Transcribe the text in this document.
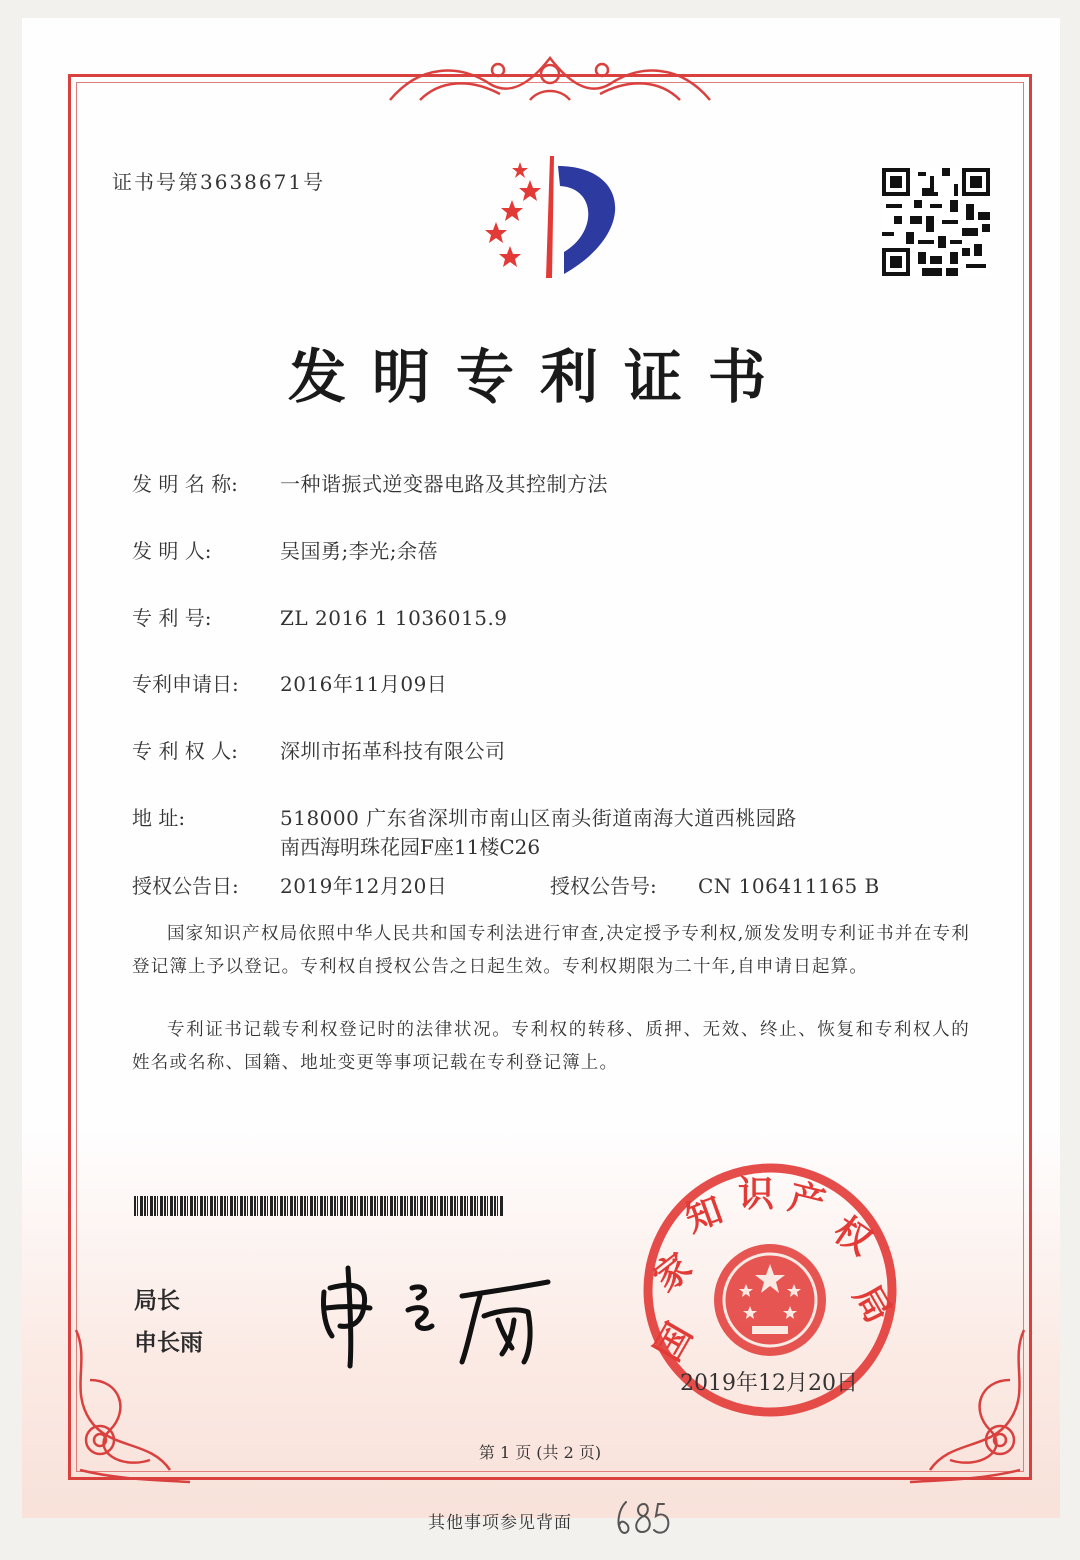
证书号第3638671号
发明专利证书
发 明 名 称: 一种谐振式逆变器电路及其控制方法
发 明 人:	吴国勇;李光;余蓓
专 利 号:	ZL 2016 1 1036015.9
专利申请日: 2016年11月09日
专 利 权 人: 深圳市拓革科技有限公司
地 址:	518000 广东省深圳市南山区南头街道南海大道西桃园路
南西海明珠花园F座11楼C26
授权公告日: 2019年12月20日	授权公告号: CN 106411165 B
国家知识产权局依照中华人民共和国专利法进行审查,决定授予专利权,颁发发明专利证书并在专利登记簿上予以登记。专利权自授权公告之日起生效。专利权期限为二十年,自申请日起算。
专利证书记载专利权登记时的法律状况。专利权的转移、质押、无效、终止、恢复和专利权人的姓名或名称、国籍、地址变更等事项记载在专利登记簿上。
局长
申长雨	国
家
知 识 产
权
局
2019年12月20日
第 1 页 (共 2 页)
其他事项参见背面
